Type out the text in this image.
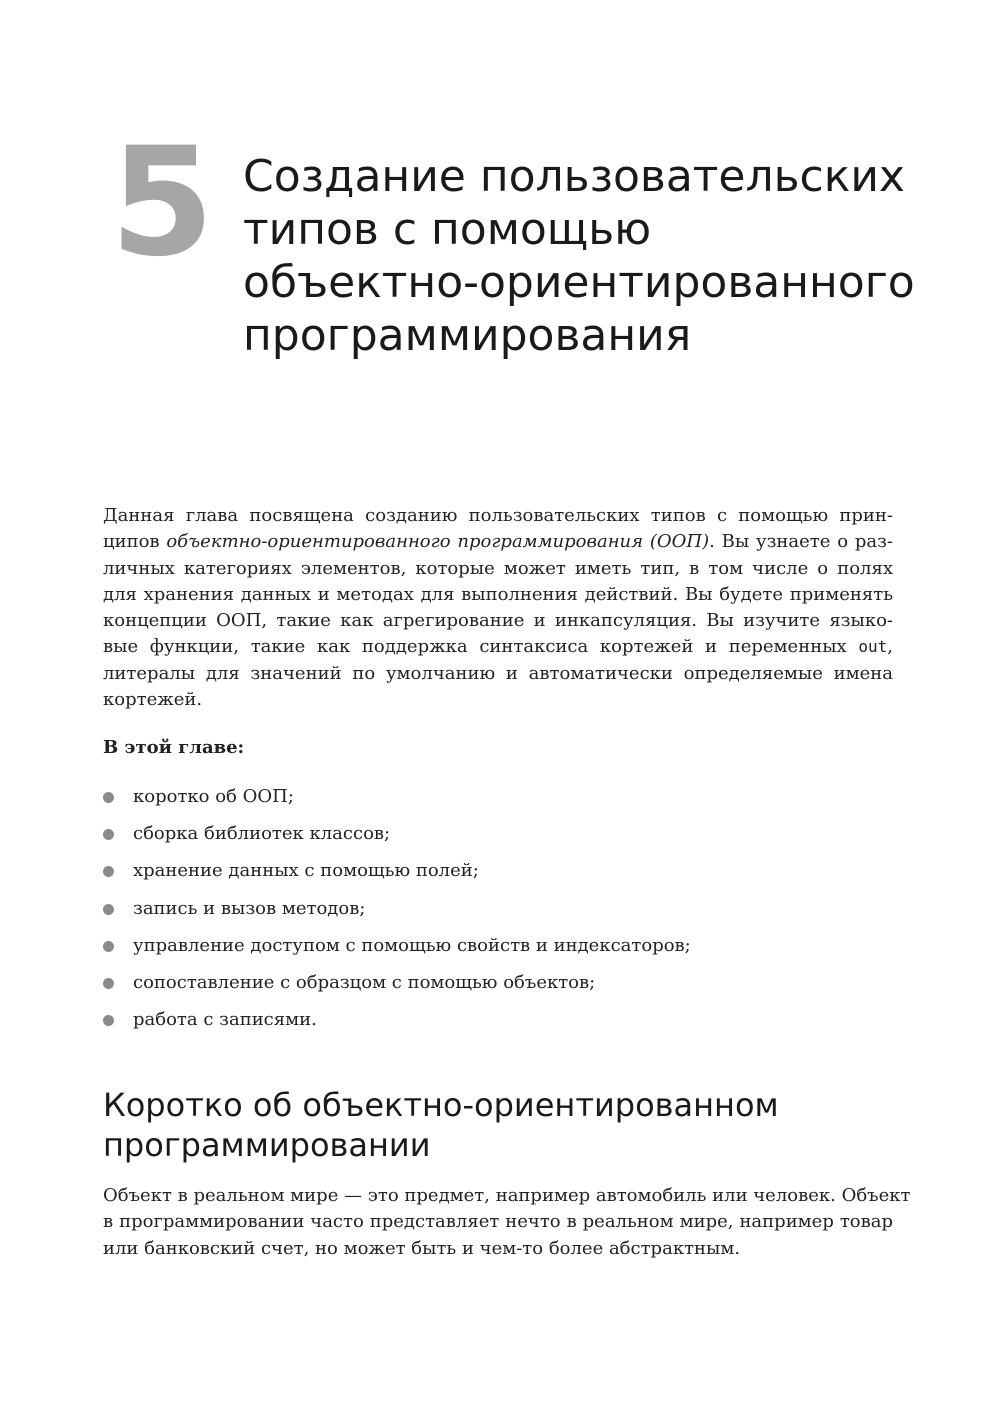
5 Создание пользовательских
типов с помощью
объектно-ориентированного
программирования

Данная глава посвящена созданию пользовательских типов с помощью прин-
ципов объектно-ориентированного программирования (ООП). Вы узнаете о раз-
личных категориях элементов, которые может иметь тип, в том числе о полях
для хранения данных и методах для выполнения действий. Вы будете применять
концепции ООП, такие как агрегирование и инкапсуляция. Вы изучите языко-
вые функции, такие как поддержка синтаксиса кортежей и переменных out,
литералы для значений по умолчанию и автоматически определяемые имена
кортежей.

В этой главе:

коротко об ООП;
сборка библиотек классов;
хранение данных с помощью полей;
запись и вызов методов;
управление доступом с помощью свойств и индексаторов;
сопоставление с образцом с помощью объектов;
работа с записями.
Коротко об объектно-ориентированном
программировании

Объект в реальном мире — это предмет, например автомобиль или человек. Объект
в программировании часто представляет нечто в реальном мире, например товар
или банковский счет, но может быть и чем-то более абстрактным.
